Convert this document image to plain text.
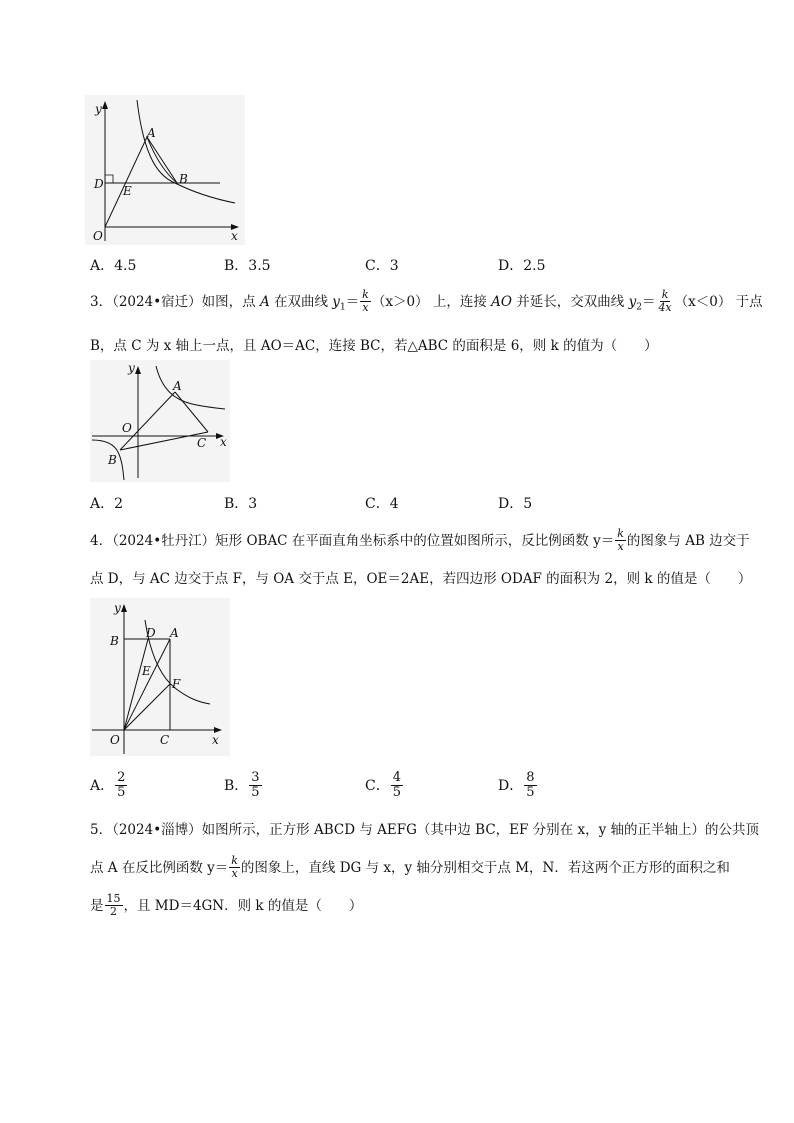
y
x
O
A
B
D E
A．4.5	B．3.5	C．3	D．2.5

3．（2024•宿迁）如图，点 A 在双曲线 $y_1= \frac{k}{x} (x>0)$ 上，连接 AO 并延长，交双曲线 $y_2= \frac{k}{4x} (x<0)$ 于点

B，点 C 为 x 轴上一点，且 AO＝AC，连接 BC，若△ABC 的面积是 6，则 k 的值为（　　）

y
x
O
A
B
C
A．2	B．3	C．4	D．5

4．（2024•牡丹江）矩形 OBAC 在平面直角坐标系中的位置如图所示，反比例函数 $y= \frac{k}{x}$ 的图象与 AB 边交于

点 D，与 AC 边交于点 F，与 OA 交于点 E，OE＝2AE，若四边形 ODAF 的面积为 2，则 k 的值是（　　）

y
x
O
B
D A
E
F
C
A． $\frac{2}{5}$	B． $\frac{3}{5}$	C． $\frac{4}{5}$	D． $\frac{8}{5}$

5．（2024•淄博）如图所示，正方形 ABCD 与 AEFG（其中边 BC，EF 分别在 x，y 轴的正半轴上）的公共顶

点 A 在反比例函数 $y= \frac{k}{x}$ 的图象上，直线 DG 与 x，y 轴分别相交于点 M，N．若这两个正方形的面积之和

是 $\frac{15}{2}$ ，且 MD＝4GN．则 k 的值是（　　）
